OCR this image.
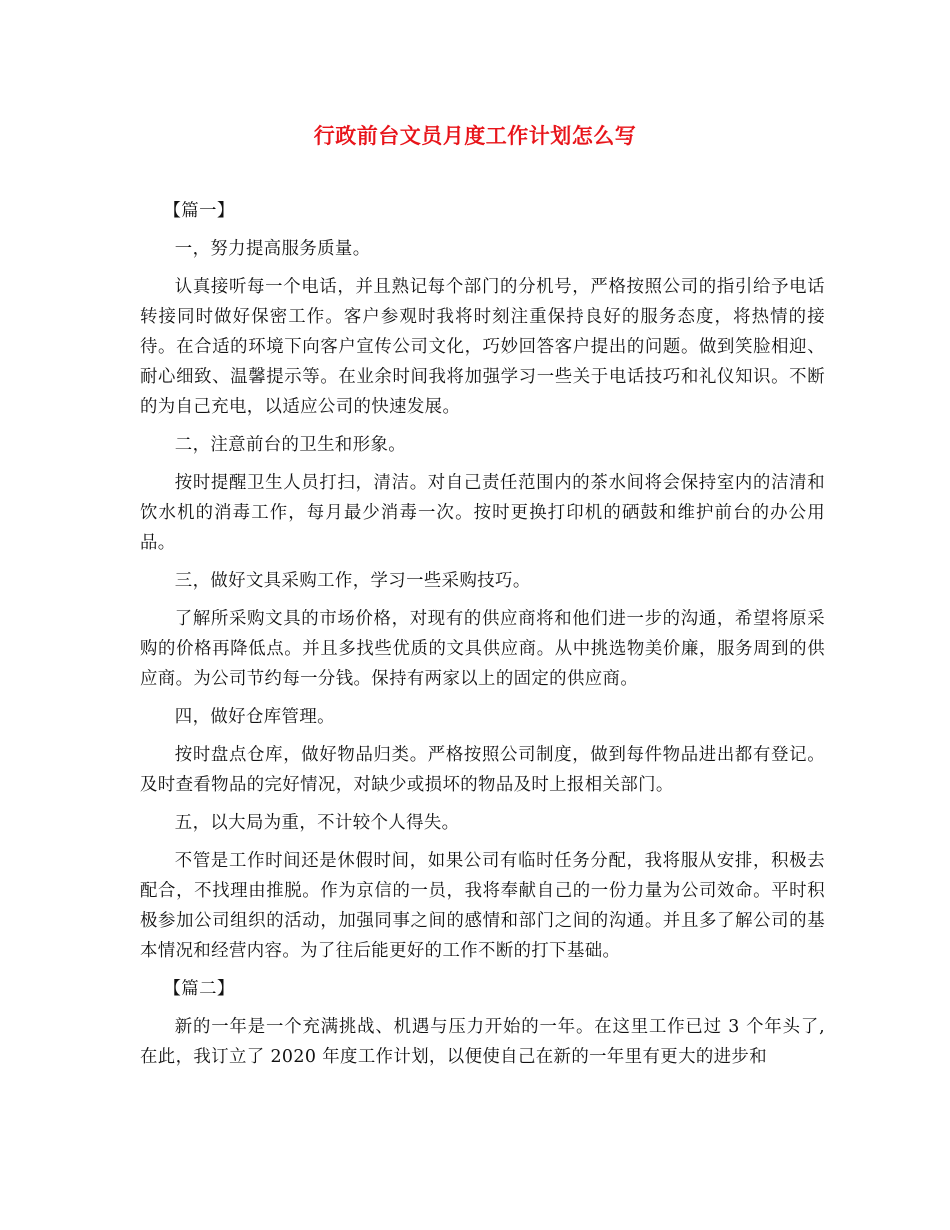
行政前台文员月度工作计划怎么写
【篇一】
一，努力提高服务质量。
认真接听每一个电话，并且熟记每个部门的分机号，严格按照公司的指引给予电话转接同时做好保密工作。客户参观时我将时刻注重保持良好的服务态度，将热情的接待。在合适的环境下向客户宣传公司文化，巧妙回答客户提出的问题。做到笑脸相迎、耐心细致、温馨提示等。在业余时间我将加强学习一些关于电话技巧和礼仪知识。不断的为自己充电，以适应公司的快速发展。
二，注意前台的卫生和形象。
按时提醒卫生人员打扫，清洁。对自己责任范围内的茶水间将会保持室内的洁清和饮水机的消毒工作，每月最少消毒一次。按时更换打印机的硒鼓和维护前台的办公用品。
三，做好文具采购工作，学习一些采购技巧。
了解所采购文具的市场价格，对现有的供应商将和他们进一步的沟通，希望将原采购的价格再降低点。并且多找些优质的文具供应商。从中挑选物美价廉，服务周到的供应商。为公司节约每一分钱。保持有两家以上的固定的供应商。
四，做好仓库管理。
按时盘点仓库，做好物品归类。严格按照公司制度，做到每件物品进出都有登记。及时查看物品的完好情况，对缺少或损坏的物品及时上报相关部门。
五，以大局为重，不计较个人得失。
不管是工作时间还是休假时间，如果公司有临时任务分配，我将服从安排，积极去配合，不找理由推脱。作为京信的一员，我将奉献自己的一份力量为公司效命。平时积极参加公司组织的活动，加强同事之间的感情和部门之间的沟通。并且多了解公司的基本情况和经营内容。为了往后能更好的工作不断的打下基础。
【篇二】
新的一年是一个充满挑战、机遇与压力开始的一年。在这里工作已过 3 个年头了,在此，我订立了 2020 年度工作计划，以便使自己在新的一年里有更大的进步和
